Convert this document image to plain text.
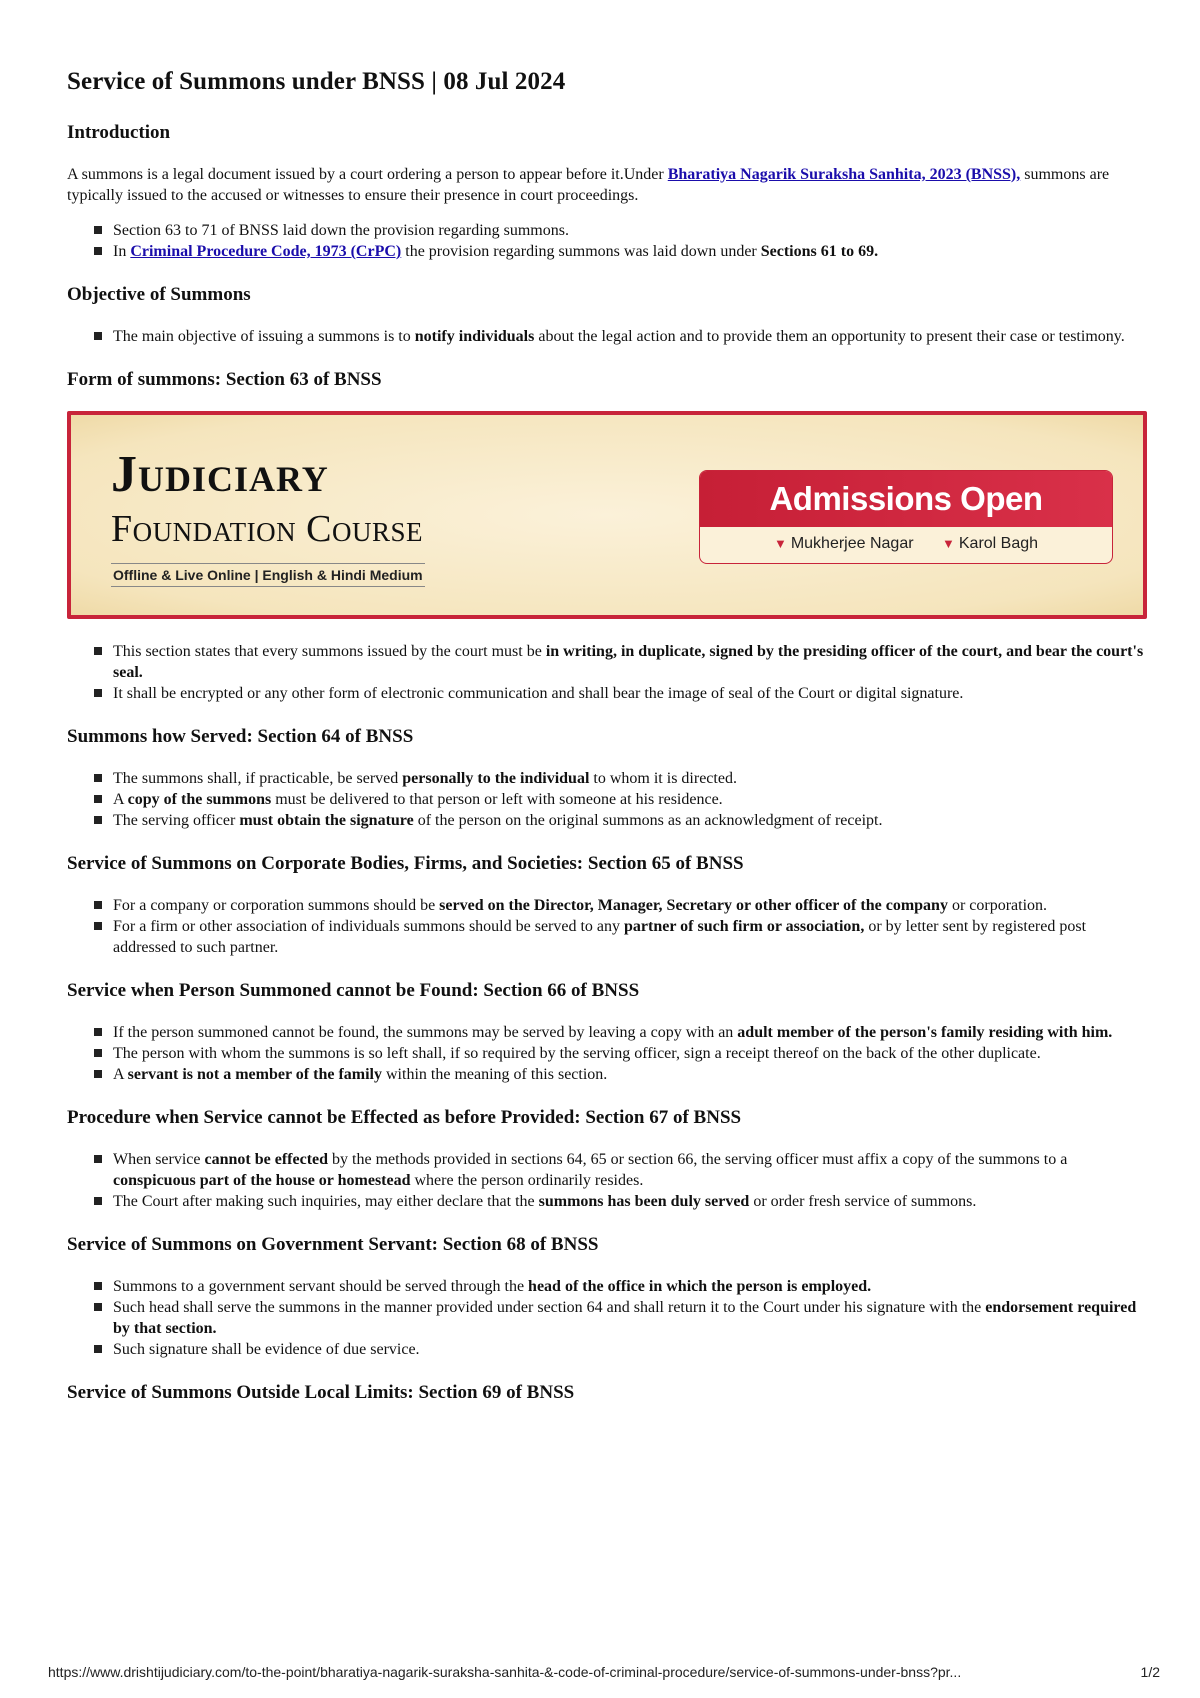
Service of Summons under BNSS | 08 Jul 2024
Introduction

A summons is a legal document issued by a court ordering a person to appear before it.Under Bharatiya Nagarik Suraksha Sanhita, 2023 (BNSS), summons are typically issued to the accused or witnesses to ensure their presence in court proceedings.

Section 63 to 71 of BNSS laid down the provision regarding summons.
In Criminal Procedure Code, 1973 (CrPC) the provision regarding summons was laid down under Sections 61 to 69.
Objective of Summons
The main objective of issuing a summons is to notify individuals about the legal action and to provide them an opportunity to present their case or testimony.
Form of summons: Section 63 of BNSS
Judiciary
Foundation Course
Offline & Live Online | English & Hindi Medium
Admissions Open
▼ Mukherjee Nagar ▼ Karol Bagh
This section states that every summons issued by the court must be in writing, in duplicate, signed by the presiding officer of the court, and bear the court's seal.
It shall be encrypted or any other form of electronic communication and shall bear the image of seal of the Court or digital signature.
Summons how Served: Section 64 of BNSS
The summons shall, if practicable, be served personally to the individual to whom it is directed.
A copy of the summons must be delivered to that person or left with someone at his residence.
The serving officer must obtain the signature of the person on the original summons as an acknowledgment of receipt.
Service of Summons on Corporate Bodies, Firms, and Societies: Section 65 of BNSS
For a company or corporation summons should be served on the Director, Manager, Secretary or other officer of the company or corporation.
For a firm or other association of individuals summons should be served to any partner of such firm or association, or by letter sent by registered post addressed to such partner.
Service when Person Summoned cannot be Found: Section 66 of BNSS
If the person summoned cannot be found, the summons may be served by leaving a copy with an adult member of the person's family residing with him.
The person with whom the summons is so left shall, if so required by the serving officer, sign a receipt thereof on the back of the other duplicate.
A servant is not a member of the family within the meaning of this section.
Procedure when Service cannot be Effected as before Provided: Section 67 of BNSS
When service cannot be effected by the methods provided in sections 64, 65 or section 66, the serving officer must affix a copy of the summons to a conspicuous part of the house or homestead where the person ordinarily resides.
The Court after making such inquiries, may either declare that the summons has been duly served or order fresh service of summons.
Service of Summons on Government Servant: Section 68 of BNSS
Summons to a government servant should be served through the head of the office in which the person is employed.
Such head shall serve the summons in the manner provided under section 64 and shall return it to the Court under his signature with the endorsement required by that section.
Such signature shall be evidence of due service.
Service of Summons Outside Local Limits: Section 69 of BNSS
https://www.drishtijudiciary.com/to-the-point/bharatiya-nagarik-suraksha-sanhita-&-code-of-criminal-procedure/service-of-summons-under-bnss?pr...	1/2
